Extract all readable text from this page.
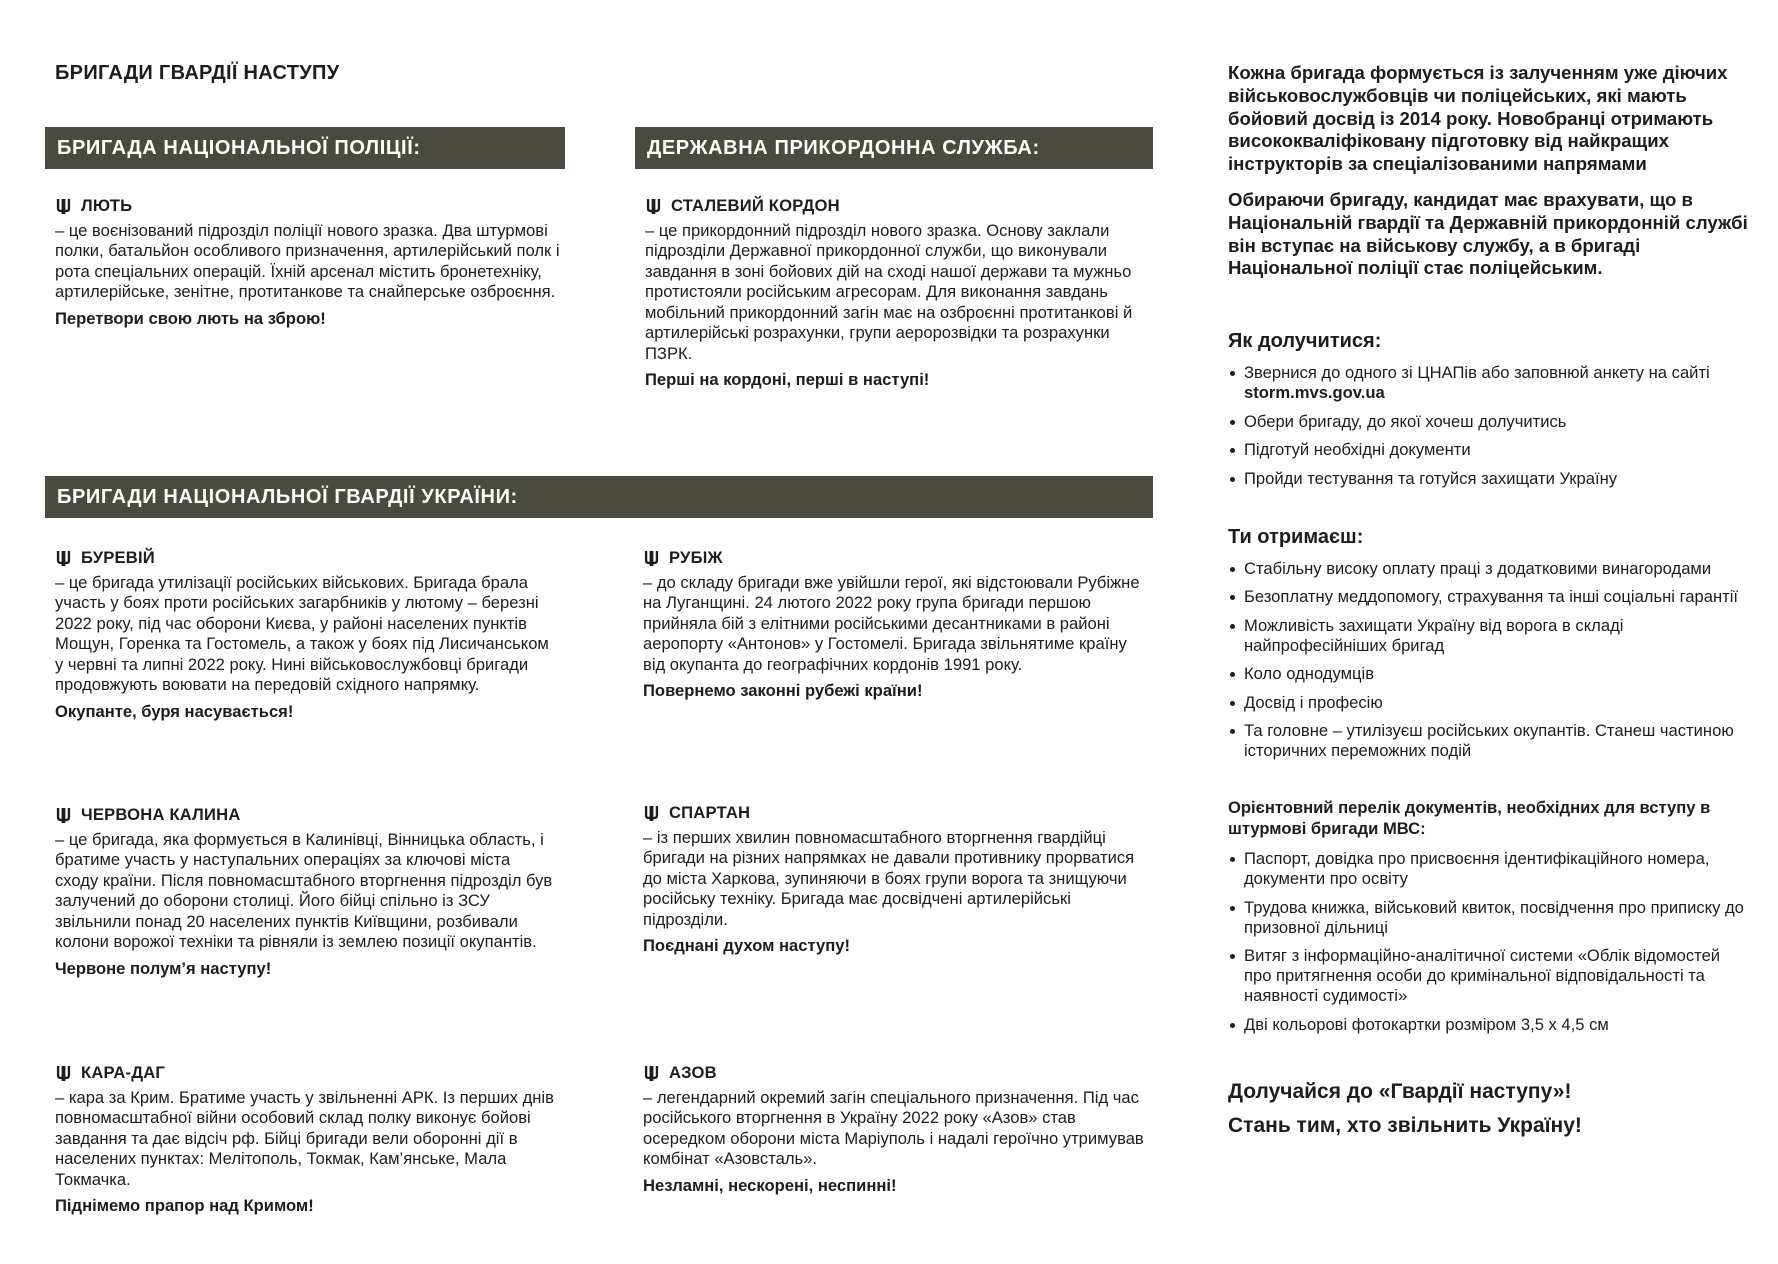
БРИГАДИ ГВАРДІЇ НАСТУПУ
БРИГАДА НАЦІОНАЛЬНОЇ ПОЛІЦІЇ:	ДЕРЖАВНА ПРИКОРДОННА СЛУЖБА:
БРИГАДИ НАЦІОНАЛЬНОЇ ГВАРДІЇ УКРАЇНИ:
ЛЮТЬ

– це воєнізований підрозділ поліції нового зразка. Два штурмові полки, батальйон особливого призначення, артилерійський полк і рота спеціальних операцій. Їхній арсенал містить бронетехніку, артилерійське, зенітне, протитанкове та снайперське озброєння.

Перетвори свою лють на зброю!

СТАЛЕВИЙ КОРДОН

– це прикордонний підрозділ нового зразка. Основу заклали підрозділи Державної прикордонної служби, що виконували завдання в зоні бойових дій на сході нашої держави та мужньо протистояли російським агресорам. Для виконання завдань мобільний прикордонний загін має на озброєнні протитанкові й артилерійські розрахунки, групи аеророзвідки та розрахунки ПЗРК.

Перші на кордоні, перші в наступі!

БУРЕВІЙ

– це бригада утилізації російських військових. Бригада брала участь у боях проти російських загарбників у лютому – березні 2022 року, під час оборони Києва, у районі населених пунктів Мощун, Горенка та Гостомель, а також у боях під Лисичанськом у червні та липні 2022 року. Нині військовослужбовці бригади продовжують воювати на передовій східного напрямку.

Окупанте, буря насувається!

РУБІЖ

– до складу бригади вже увійшли герої, які відстоювали Рубіжне на Луганщині. 24 лютого 2022 року група бригади першою прийняла бій з елітними російськими десантниками в районі аеропорту «Антонов» у Гостомелі. Бригада звільнятиме країну від окупанта до географічних кордонів 1991 року.

Повернемо законні рубежі країни!

ЧЕРВОНА КАЛИНА

– це бригада, яка формується в Калинівці, Вінницька область, і братиме участь у наступальних операціях за ключові міста сходу країни. Після повномасштабного вторгнення підрозділ був залучений до оборони столиці. Його бійці спільно із ЗСУ звільнили понад 20 населених пунктів Київщини, розбивали колони ворожої техніки та рівняли із землею позиції окупантів.

Червоне полум’я наступу!

СПАРТАН

– із перших хвилин повномасштабного вторгнення гвардійці бригади на різних напрямках не давали противнику прорватися до міста Харкова, зупиняючи в боях групи ворога та знищуючи російську техніку. Бригада має досвідчені артилерійські підрозділи.

Поєднані духом наступу!

КАРА-ДАГ

– кара за Крим. Братиме участь у звільненні АРК. Із перших днів повномасштабної війни особовий склад полку виконує бойові завдання та дає відсіч рф. Бійці бригади вели оборонні дії в населених пунктах: Мелітополь, Токмак, Кам’янське, Мала Токмачка.

Піднімемо прапор над Кримом!

АЗОВ

– легендарний окремий загін спеціального призначення. Під час російського вторгнення в Україну 2022 року «Азов» став осередком оборони міста Маріуполь і надалі героїчно утримував комбінат «Азовсталь».

Незламні, нескорені, неспинні!

Кожна бригада формується із залученням уже діючих військовослужбовців чи поліцейських, які мають бойовий досвід із 2014 року. Новобранці отримають висококваліфіковану підготовку від найкращих інструкторів за спеціалізованими напрямами

Обираючи бригаду, кандидат має врахувати, що в Національній гвардії та Державній прикордонній службі він вступає на військову службу, а в бригаді Національної поліції стає поліцейським.

Як долучитися:
Звернися до одного зі ЦНАПів або заповнюй анкету на сайті storm.mvs.gov.ua
Обери бригаду, до якої хочеш долучитись
Підготуй необхідні документи
Пройди тестування та готуйся захищати Україну
Ти отримаєш:
Стабільну високу оплату праці з додатковими винагородами
Безоплатну меддопомогу, страхування та інші соціальні гарантії
Можливість захищати Україну від ворога в складі найпрофесійніших бригад
Коло однодумців
Досвід і професію
Та головне – утилізуєш російських окупантів. Станеш частиною історичних переможних подій
Орієнтовний перелік документів, необхідних для вступу в штурмові бригади МВС:
Паспорт, довідка про присвоєння ідентифікаційного номера, документи про освіту
Трудова книжка, військовий квиток, посвідчення про приписку до призовної дільниці
Витяг з інформаційно-аналітичної системи «Облік відомостей про притягнення особи до кримінальної відповідальності та наявності судимості»
Дві кольорові фотокартки розміром 3,5 х 4,5 см

Долучайся до «Гвардії наступу»!

Стань тим, хто звільнить Україну!
